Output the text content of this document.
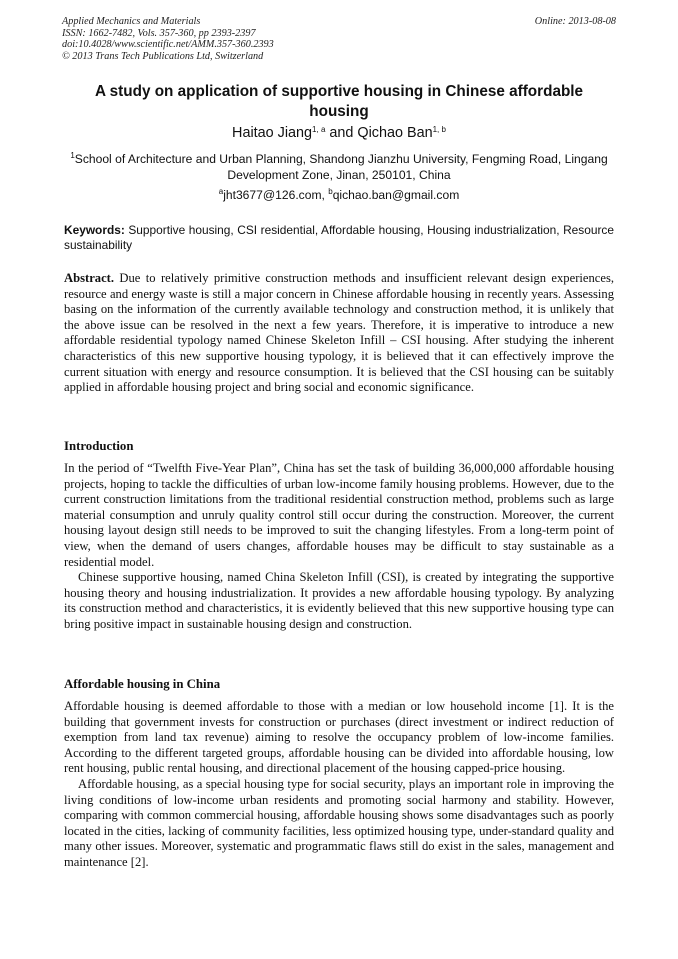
Applied Mechanics and Materials
ISSN: 1662-7482, Vols. 357-360, pp 2393-2397
doi:10.4028/www.scientific.net/AMM.357-360.2393
© 2013 Trans Tech Publications Ltd, Switzerland
Online: 2013-08-08
A study on application of supportive housing in Chinese affordable housing
Haitao Jiang$^{1, a}$ and Qichao Ban$^{1, b}$
$^1$School of Architecture and Urban Planning, Shandong Jianzhu University, Fengming Road, Lingang Development Zone, Jinan, 250101, China
$^a$jht3677@126.com, $^b$qichao.ban@gmail.com
Keywords: Supportive housing, CSI residential, Affordable housing, Housing industrialization, Resource sustainability

Abstract. Due to relatively primitive construction methods and insufficient relevant design experiences, resource and energy waste is still a major concern in Chinese affordable housing in recently years. Assessing basing on the information of the currently available technology and construction method, it is unlikely that the above issue can be resolved in the next a few years. Therefore, it is imperative to introduce a new affordable residential typology named Chinese Skeleton Infill – CSI housing. After studying the inherent characteristics of this new supportive housing typology, it is believed that it can effectively improve the current situation with energy and resource consumption. It is believed that the CSI housing can be suitably applied in affordable housing project and bring social and economic significance.

Introduction

In the period of “Twelfth Five-Year Plan”, China has set the task of building 36,000,000 affordable housing projects, hoping to tackle the difficulties of urban low-income family housing problems. However, due to the current construction limitations from the traditional residential construction method, problems such as large material consumption and unruly quality control still occur during the construction. Moreover, the current housing layout design still needs to be improved to suit the changing lifestyles. From a long-term point of view, when the demand of users changes, affordable houses may be difficult to stay sustainable as a residential model.

Chinese supportive housing, named China Skeleton Infill (CSI), is created by integrating the supportive housing theory and housing industrialization. It provides a new affordable housing typology. By analyzing its construction method and characteristics, it is evidently believed that this new supportive housing type can bring positive impact in sustainable housing design and construction.

Affordable housing in China

Affordable housing is deemed affordable to those with a median or low household income [1]. It is the building that government invests for construction or purchases (direct investment or indirect reduction of exemption from land tax revenue) aiming to resolve the occupancy problem of low-income families. According to the different targeted groups, affordable housing can be divided into affordable housing, low rent housing, public rental housing, and directional placement of the housing capped-price housing.

Affordable housing, as a special housing type for social security, plays an important role in improving the living conditions of low-income urban residents and promoting social harmony and stability. However, comparing with common commercial housing, affordable housing shows some disadvantages such as poorly located in the cities, lacking of community facilities, less optimized housing type, under-standard quality and many other issues. Moreover, systematic and programmatic flaws still do exist in the sales, management and maintenance [2].
